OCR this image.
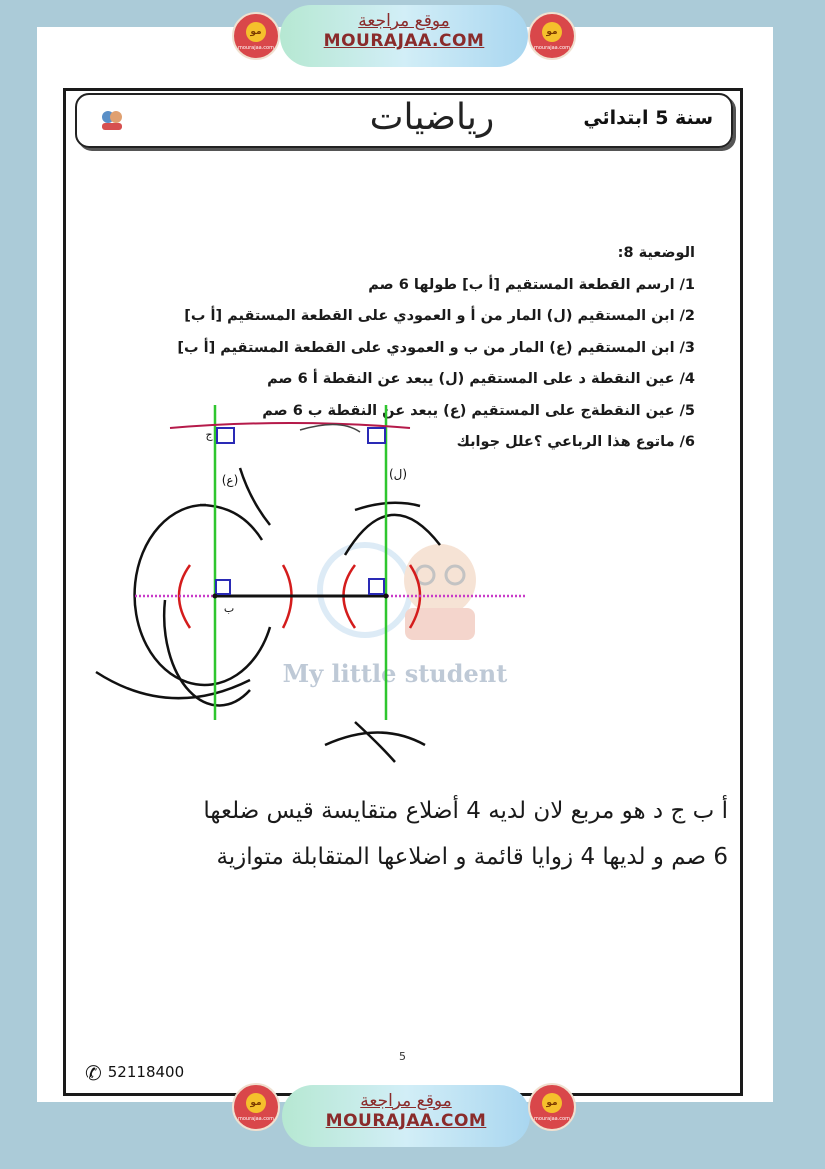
رياضيات	سنة 5 ابتدائي
مو
mourajaa.com
موقع مراجعة
MOURAJAA.COM	مو
mourajaa.com
مو
mourajaa.com
موقع مراجعة
MOURAJAA.COM
مو
mourajaa.com
الوضعية 8:
1/ ارسم القطعة المستقيم [أ ب] طولها 6 صم
2/ ابن المستقيم (ل) المار من أ و العمودي على القطعة المستقيم [أ ب]
3/ ابن المستقيم (ع) المار من ب و العمودي على القطعة المستقيم [أ ب]
4/ عين النقطة د على المستقيم (ل) يبعد عن النقطة أ 6 صم
5/ عين النقطةج على المستقيم (ع) يبعد عن النقطة ب 6 صم
6/ ماتوع هذا الرباعي ؟علل جوابك
My little student
(ع)	(ل)
ج
ب
أ ب ج د هو مربع لان لديه 4 أضلاع متقايسة قيس ضلعها
6 صم و لديها 4 زوايا قائمة و اضلاعها المتقابلة متوازية
5
✆ 52118400
